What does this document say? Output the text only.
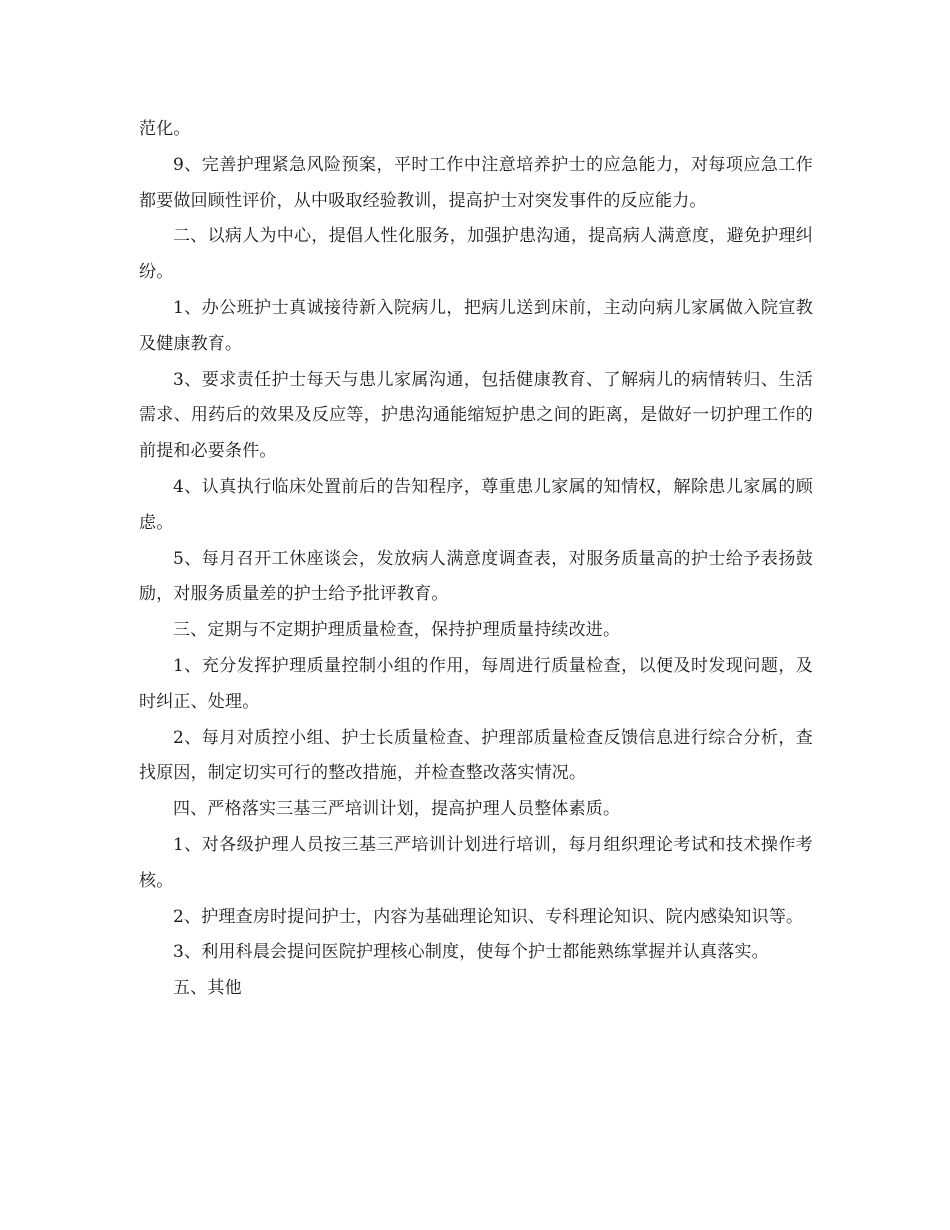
范化。

9、完善护理紧急风险预案，平时工作中注意培养护士的应急能力，对每项应急工作都要做回顾性评价，从中吸取经验教训，提高护士对突发事件的反应能力。

二、以病人为中心，提倡人性化服务，加强护患沟通，提高病人满意度，避免护理纠纷。

1、办公班护士真诚接待新入院病儿，把病儿送到床前，主动向病儿家属做入院宣教及健康教育。

3、要求责任护士每天与患儿家属沟通，包括健康教育、了解病儿的病情转归、生活需求、用药后的效果及反应等，护患沟通能缩短护患之间的距离，是做好一切护理工作的前提和必要条件。

4、认真执行临床处置前后的告知程序，尊重患儿家属的知情权，解除患儿家属的顾虑。

5、每月召开工休座谈会，发放病人满意度调查表，对服务质量高的护士给予表扬鼓励，对服务质量差的护士给予批评教育。

三、定期与不定期护理质量检查，保持护理质量持续改进。

1、充分发挥护理质量控制小组的作用，每周进行质量检查，以便及时发现问题，及时纠正、处理。

2、每月对质控小组、护士长质量检查、护理部质量检查反馈信息进行综合分析，查找原因，制定切实可行的整改措施，并检查整改落实情况。

四、严格落实三基三严培训计划，提高护理人员整体素质。

1、对各级护理人员按三基三严培训计划进行培训，每月组织理论考试和技术操作考核。

2、护理查房时提问护士，内容为基础理论知识、专科理论知识、院内感染知识等。

3、利用科晨会提问医院护理核心制度，使每个护士都能熟练掌握并认真落实。

五、其他
